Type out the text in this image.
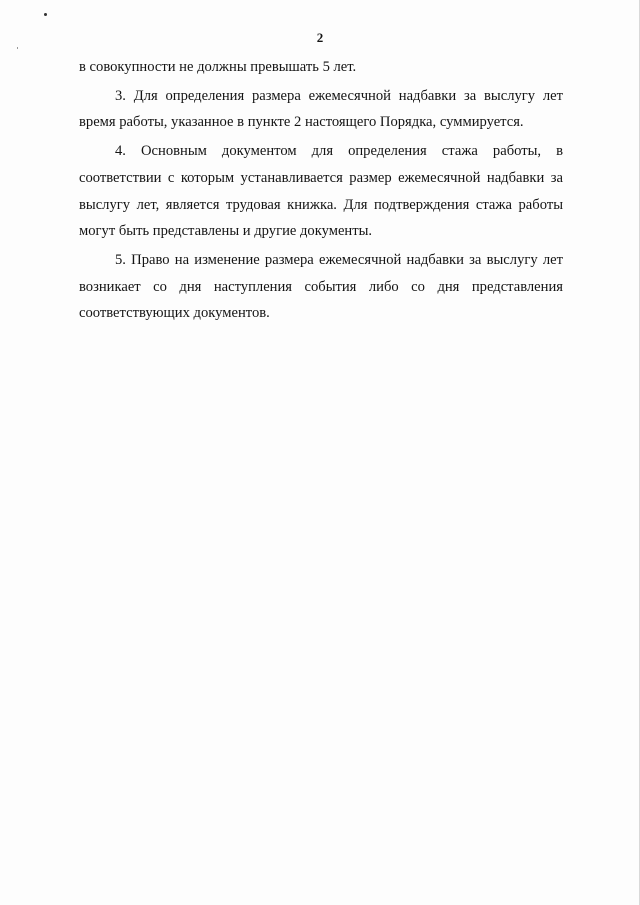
2

в совокупности не должны превышать 5 лет.

3. Для определения размера ежемесячной надбавки за выслугу лет время работы, указанное в пункте 2 настоящего Порядка, суммируется.

4. Основным документом для определения стажа работы, в соответствии с которым устанавливается размер ежемесячной надбавки за выслугу лет, является трудовая книжка. Для подтверждения стажа работы могут быть представлены и другие документы.

5. Право на изменение размера ежемесячной надбавки за выслугу лет возникает со дня наступления события либо со дня представления соответствующих документов.
